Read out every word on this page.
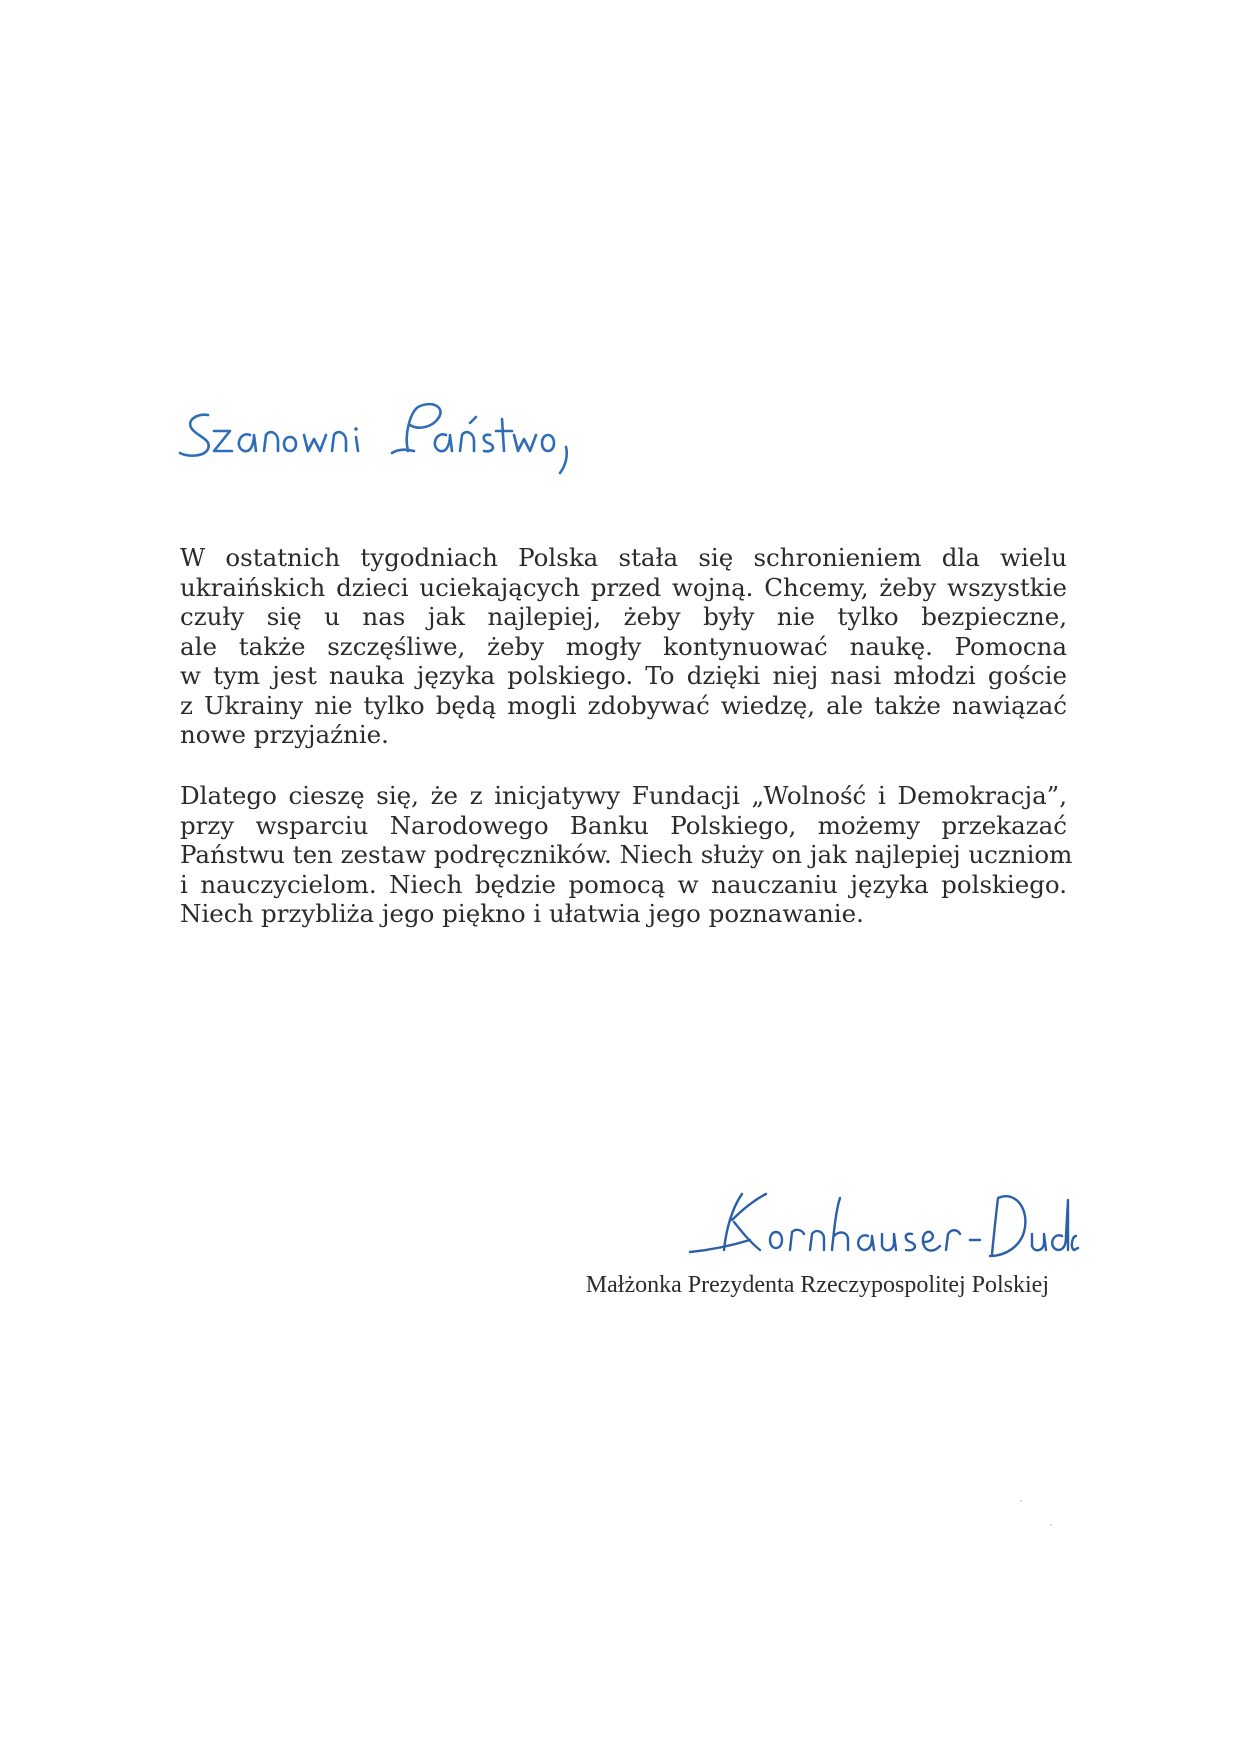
W ostatnich tygodniach Polska stała się schronieniem dla wielu
ukraińskich dzieci uciekających przed wojną. Chcemy, żeby wszystkie
czuły się u nas jak najlepiej, żeby były nie tylko bezpieczne,
ale także szczęśliwe, żeby mogły kontynuować naukę. Pomocna
w tym jest nauka języka polskiego. To dzięki niej nasi młodzi goście
z Ukrainy nie tylko będą mogli zdobywać wiedzę, ale także nawiązać
nowe przyjaźnie.

Dlatego cieszę się, że z inicjatywy Fundacji „Wolność i Demokracja”,
przy wsparciu Narodowego Banku Polskiego, możemy przekazać
Państwu ten zestaw podręczników. Niech służy on jak najlepiej uczniom
i nauczycielom. Niech będzie pomocą w nauczaniu języka polskiego.
Niech przybliża jego piękno i ułatwia jego poznawanie.

Małżonka Prezydenta Rzeczypospolitej Polskiej
